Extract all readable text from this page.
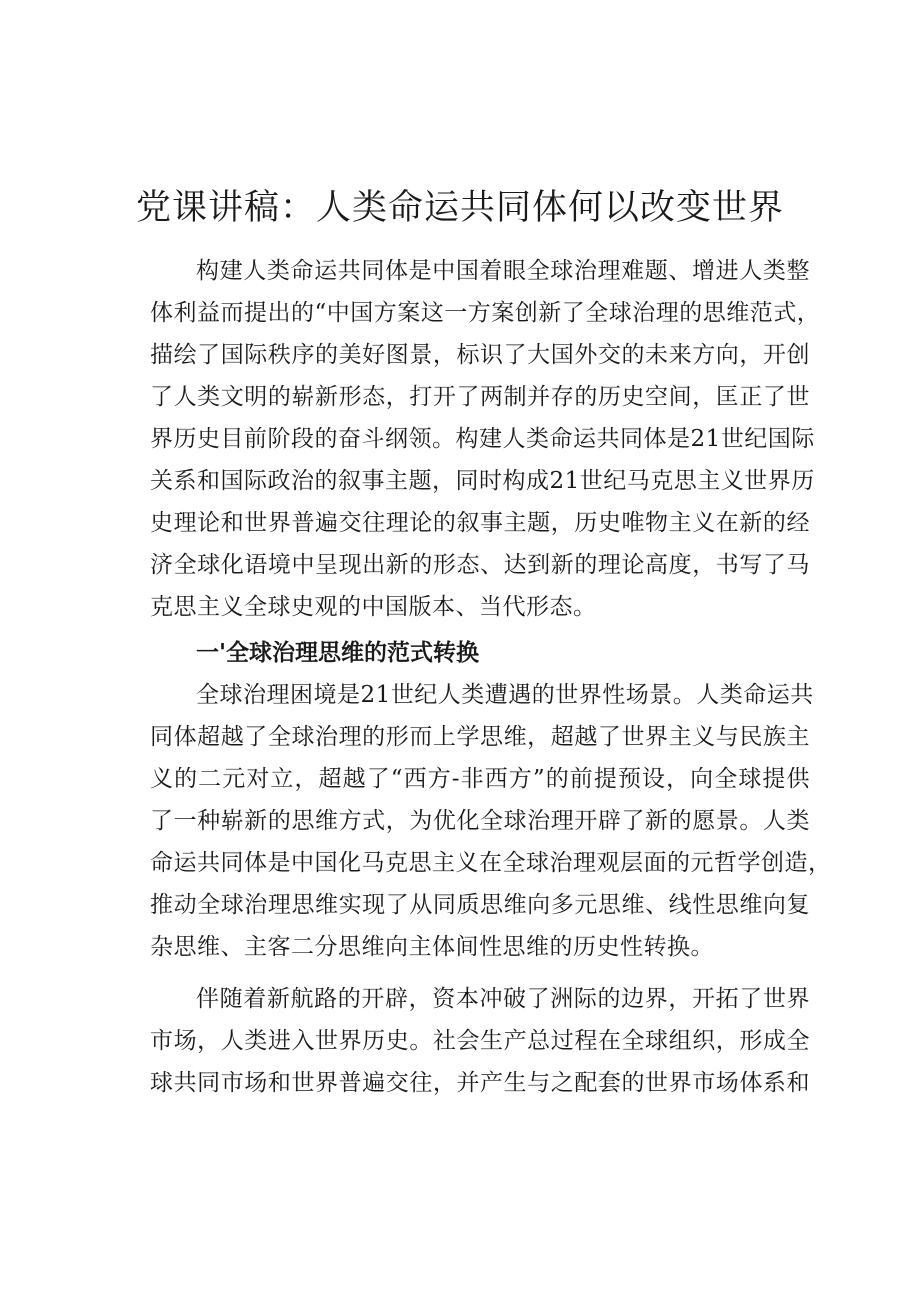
党课讲稿：人类命运共同体何以改变世界
构建人类命运共同体是中国着眼全球治理难题、增进人类整
体利益而提出的“中国方案这一方案创新了全球治理的思维范式，
描绘了国际秩序的美好图景，标识了大国外交的未来方向，开创
了人类文明的崭新形态，打开了两制并存的历史空间，匡正了世
界历史目前阶段的奋斗纲领。构建人类命运共同体是21世纪国际
关系和国际政治的叙事主题，同时构成21世纪马克思主义世界历
史理论和世界普遍交往理论的叙事主题，历史唯物主义在新的经
济全球化语境中呈现出新的形态、达到新的理论高度，书写了马
克思主义全球史观的中国版本、当代形态。
一'全球治理思维的范式转换
全球治理困境是21世纪人类遭遇的世界性场景。人类命运共
同体超越了全球治理的形而上学思维，超越了世界主义与民族主
义的二元对立，超越了“西方-非西方”的前提预设，向全球提供
了一种崭新的思维方式，为优化全球治理开辟了新的愿景。人类
命运共同体是中国化马克思主义在全球治理观层面的元哲学创造，
推动全球治理思维实现了从同质思维向多元思维、线性思维向复
杂思维、主客二分思维向主体间性思维的历史性转换。
伴随着新航路的开辟，资本冲破了洲际的边界，开拓了世界
市场，人类进入世界历史。社会生产总过程在全球组织，形成全
球共同市场和世界普遍交往，并产生与之配套的世界市场体系和
